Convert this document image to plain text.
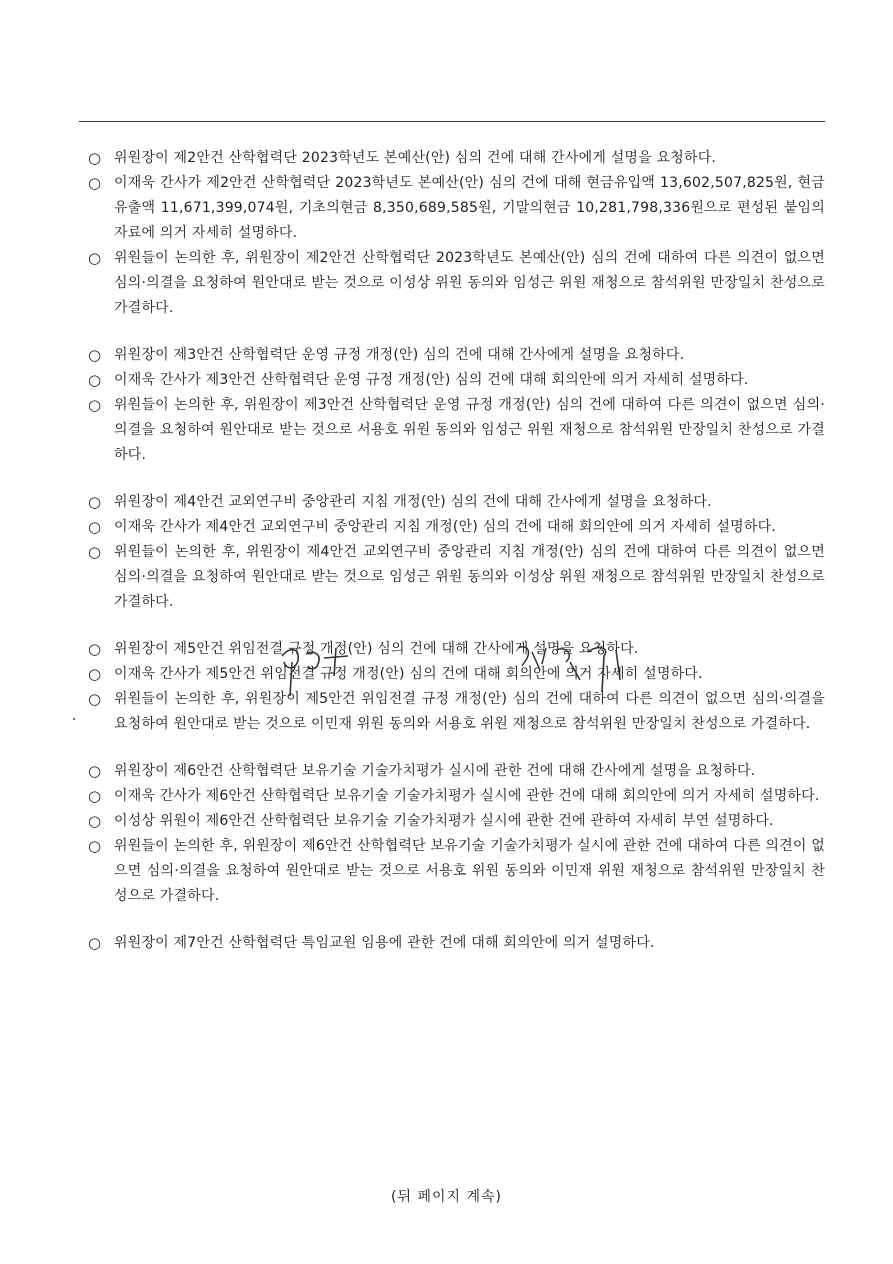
○ 위원장이 제2안건 산학협력단 2023학년도 본예산(안) 심의 건에 대해 간사에게 설명을 요청하다.

○ 이재욱 간사가 제2안건 산학협력단 2023학년도 본예산(안) 심의 건에 대해 현금유입액 13,602,507,825원, 현금유출액 11,671,399,074원, 기초의현금 8,350,689,585원, 기말의현금 10,281,798,336원으로 편성된 붙임의 자료에 의거 자세히 설명하다.

○ 위원들이 논의한 후, 위원장이 제2안건 산학협력단 2023학년도 본예산(안) 심의 건에 대하여 다른 의견이 없으면 심의·의결을 요청하여 원안대로 받는 것으로 이성상 위원 동의와 임성근 위원 재청으로 참석위원 만장일치 찬성으로 가결하다.

○ 위원장이 제3안건 산학협력단 운영 규정 개정(안) 심의 건에 대해 간사에게 설명을 요청하다.

○ 이재욱 간사가 제3안건 산학협력단 운영 규정 개정(안) 심의 건에 대해 회의안에 의거 자세히 설명하다.

○ 위원들이 논의한 후, 위원장이 제3안건 산학협력단 운영 규정 개정(안) 심의 건에 대하여 다른 의견이 없으면 심의·의결을 요청하여 원안대로 받는 것으로 서용호 위원 동의와 임성근 위원 재청으로 참석위원 만장일치 찬성으로 가결하다.

○ 위원장이 제4안건 교외연구비 중앙관리 지침 개정(안) 심의 건에 대해 간사에게 설명을 요청하다.

○ 이재욱 간사가 제4안건 교외연구비 중앙관리 지침 개정(안) 심의 건에 대해 회의안에 의거 자세히 설명하다.

○ 위원들이 논의한 후, 위원장이 제4안건 교외연구비 중앙관리 지침 개정(안) 심의 건에 대하여 다른 의견이 없으면 심의·의결을 요청하여 원안대로 받는 것으로 임성근 위원 동의와 이성상 위원 재청으로 참석위원 만장일치 찬성으로 가결하다.

○ 위원장이 제5안건 위임전결 규정 개정(안) 심의 건에 대해 간사에게 설명을 요청하다.

○ 이재욱 간사가 제5안건 위임전결 규정 개정(안) 심의 건에 대해 회의안에 의거 자세히 설명하다.

○ 위원들이 논의한 후, 위원장이 제5안건 위임전결 규정 개정(안) 심의 건에 대하여 다른 의견이 없으면 심의·의결을 요청하여 원안대로 받는 것으로 이민재 위원 동의와 서용호 위원 재청으로 참석위원 만장일치 찬성으로 가결하다.

○ 위원장이 제6안건 산학협력단 보유기술 기술가치평가 실시에 관한 건에 대해 간사에게 설명을 요청하다.

○ 이재욱 간사가 제6안건 산학협력단 보유기술 기술가치평가 실시에 관한 건에 대해 회의안에 의거 자세히 설명하다.

○ 이성상 위원이 제6안건 산학협력단 보유기술 기술가치평가 실시에 관한 건에 관하여 자세히 부연 설명하다.

○ 위원들이 논의한 후, 위원장이 제6안건 산학협력단 보유기술 기술가치평가 실시에 관한 건에 대하여 다른 의견이 없으면 심의·의결을 요청하여 원안대로 받는 것으로 서용호 위원 동의와 이민재 위원 재청으로 참석위원 만장일치 찬성으로 가결하다.

○ 위원장이 제7안건 산학협력단 특임교원 임용에 관한 건에 대해 회의안에 의거 설명하다.

(뒤 페이지 계속)
